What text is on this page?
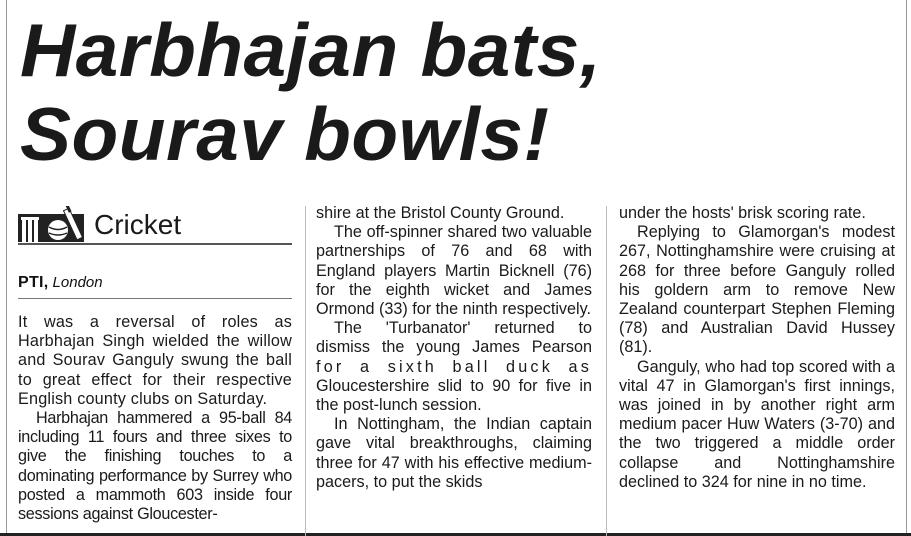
Harbhajan bats,
Sourav bowls!
Cricket
PTI, London

It was a reversal of roles as Harbhajan Singh wielded the willow and Sourav Ganguly swung the ball to great effect for their respective English county clubs on Saturday.

Harbhajan hammered a 95-ball 84 including 11 fours and three sixes to give the finishing touches to a dominating performance by Surrey who posted a mammoth 603 inside four sessions against Gloucester-

shire at the Bristol County Ground.

The off-spinner shared two valuable partnerships of 76 and 68 with England players Martin Bicknell (76) for the eighth wicket and James Ormond (33) for the ninth respectively.

The 'Turbanator' returned to dismiss the young James Pearson for a sixth ball duck as Gloucestershire slid to 90 for five in the post-lunch session.

In Nottingham, the Indian captain gave vital breakthroughs, claiming three for 47 with his effective medium-pacers, to put the skids

under the hosts' brisk scoring rate.

Replying to Glamorgan's modest 267, Nottinghamshire were cruising at 268 for three before Ganguly rolled his goldern arm to remove New Zealand counterpart Stephen Fleming (78) and Australian David Hussey (81).

Ganguly, who had top scored with a vital 47 in Glamorgan's first innings, was joined in by another right arm medium pacer Huw Waters (3-70) and the two triggered a middle order collapse and Nottinghamshire declined to 324 for nine in no time.
